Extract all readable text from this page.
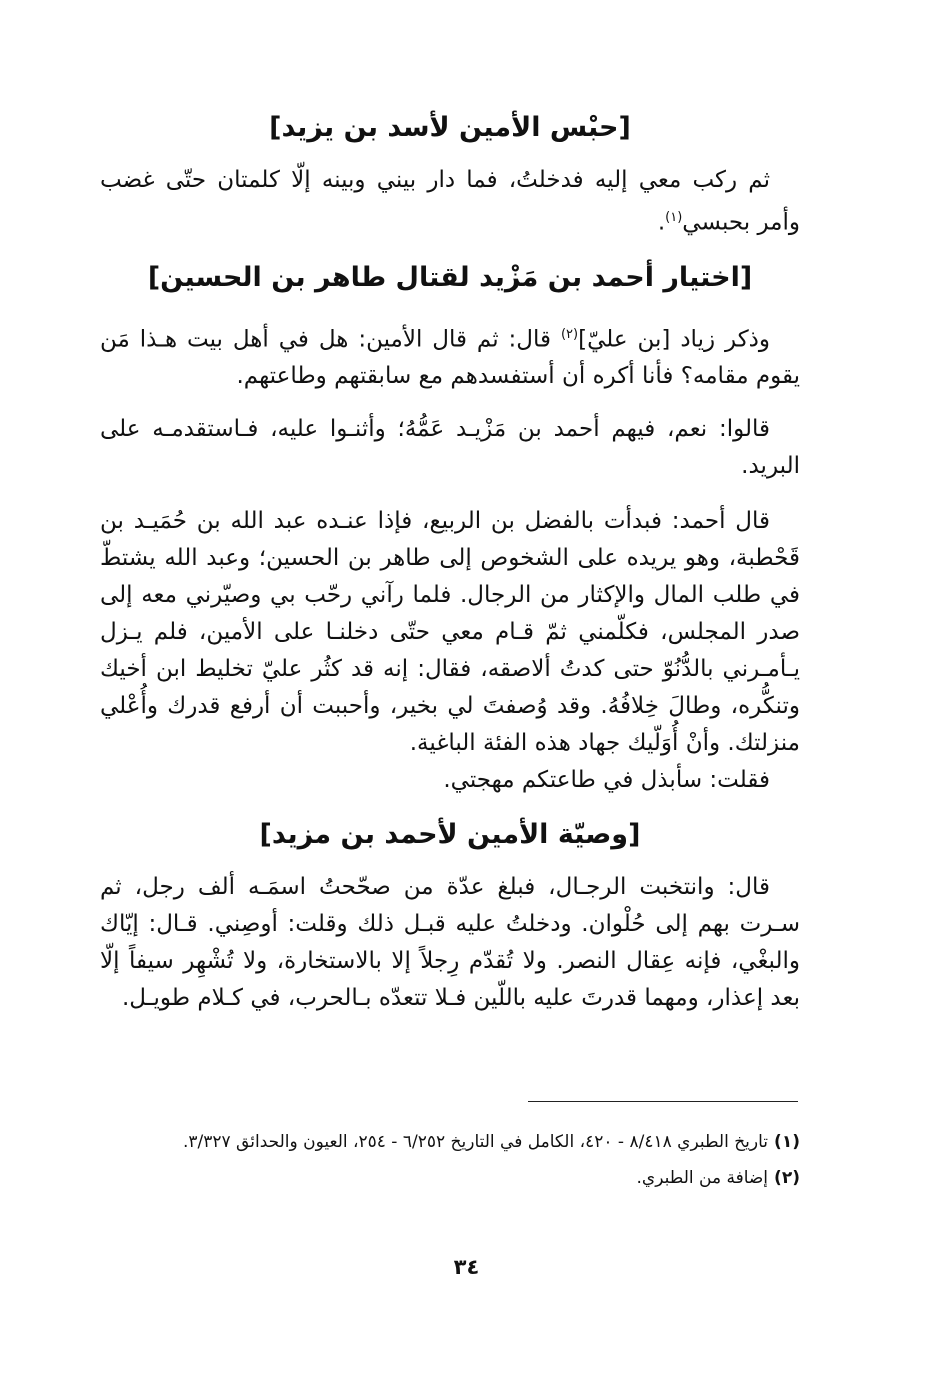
[حبْس الأمين لأسد بن يزيد]

ثم ركب معي إليه فدخلتُ، فما دار بيني وبينه إلّا كلمتان حتّى غضب وأمر بحبسي$^{(١)}$.

[اختيار أحمد بن مَزْيد لقتال طاهر بن الحسين]

وذكر زياد [بن عليّ]$^{(٢)}$ قال: ثم قال الأمين: هل في أهل بيت هـذا مَن يقوم مقامه؟ فأنا أكره أن أستفسدهم مع سابقتهم وطاعتهم.

قالوا: نعم، فيهم أحمد بن مَزْيـد عَمُّهُ؛ وأثنـوا عليه، فـاستقدمـه على البريد.

قال أحمد: فبدأت بالفضل بن الربيع، فإذا عنـده عبد الله بن حُمَيـد بن قَحْطبة، وهو يريده على الشخوص إلى طاهر بن الحسين؛ وعبد الله يشتطّ في طلب المال والإكثار من الرجال. فلما رآني رحّب بي وصيّرني معه إلى صدر المجلس، فكلّمني ثمّ قـام معي حتّى دخلنـا على الأمين، فلم يـزل يـأمـرني بالدُّنُوّ حتى كدتُ ألاصقه، فقال: إنه قد كثُر عليّ تخليط ابن أخيك وتنكُّره، وطالَ خِلافُهُ. وقد وُصفتَ لي بخير، وأحببت أن أرفع قدرك وأُعْلي منزلتك. وأنْ أُوَلّيك جهاد هذه الفئة الباغية.

فقلت: سأبذل في طاعتكم مهجتي.

[وصيّة الأمين لأحمد بن مزيد]

قال: وانتخبت الرجـال، فبلغ عدّة من صحّحتُ اسمَـه ألف رجل، ثم سـرت بهم إلى حُلْوان. ودخلتُ عليه قبـل ذلك وقلت: أوصِني. قـال: إيّاك والبغْي، فإنه عِقال النصر. ولا تُقدّم رِجلاً إلا بالاستخارة، ولا تُشْهِر سيفاً إلّا بعد إعذار، ومهما قدرتَ عليه باللّين فـلا تتعدّه بـالحرب، في كـلام طويـل.

(١)تاريخ الطبري ٨/٤١٨ - ٤٢٠، الكامل في التاريخ ٦/٢٥٢ - ٢٥٤، العيون والحدائق ٣/٣٢٧.

(٢)إضافة من الطبري.

٣٤
